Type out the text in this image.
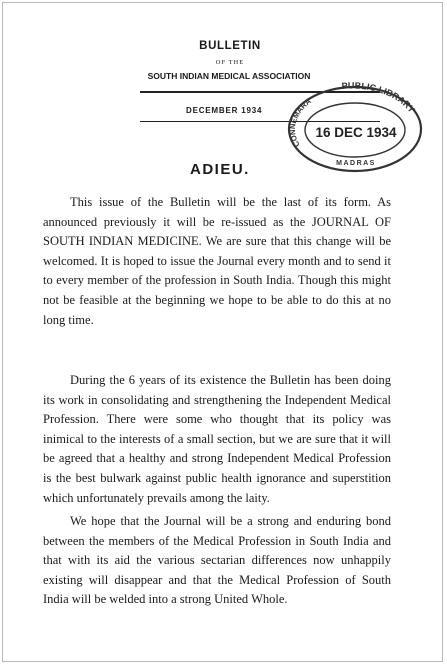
BULLETIN
OF THE
SOUTH INDIAN MEDICAL ASSOCIATION
DECEMBER 1934
CONNEMARA
PUBLIC LIBRARY
16 DEC 1934
MADRAS
ADIEU.

This issue of the Bulletin will be the last of its form. As announced previously it will be re-issued as the JOURNAL OF SOUTH INDIAN MEDICINE. We are sure that this change will be welcomed. It is hoped to issue the Journal every month and to send it to every member of the profession in South India. Though this might not be feasible at the beginning we hope to be able to do this at no long time.

During the 6 years of its existence the Bulletin has been doing its work in consolidating and strengthening the Independent Medical Profession. There were some who thought that its policy was inimical to the interests of a small section, but we are sure that it will be agreed that a healthy and strong Independent Medical Profession is the best bulwark against public health ignorance and superstition which unfortunately prevails among the laity.

We hope that the Journal will be a strong and enduring bond between the members of the Medical Profession in South India and that with its aid the various sectarian differences now unhappily existing will disappear and that the Medical Profession of South India will be welded into a strong United Whole.
